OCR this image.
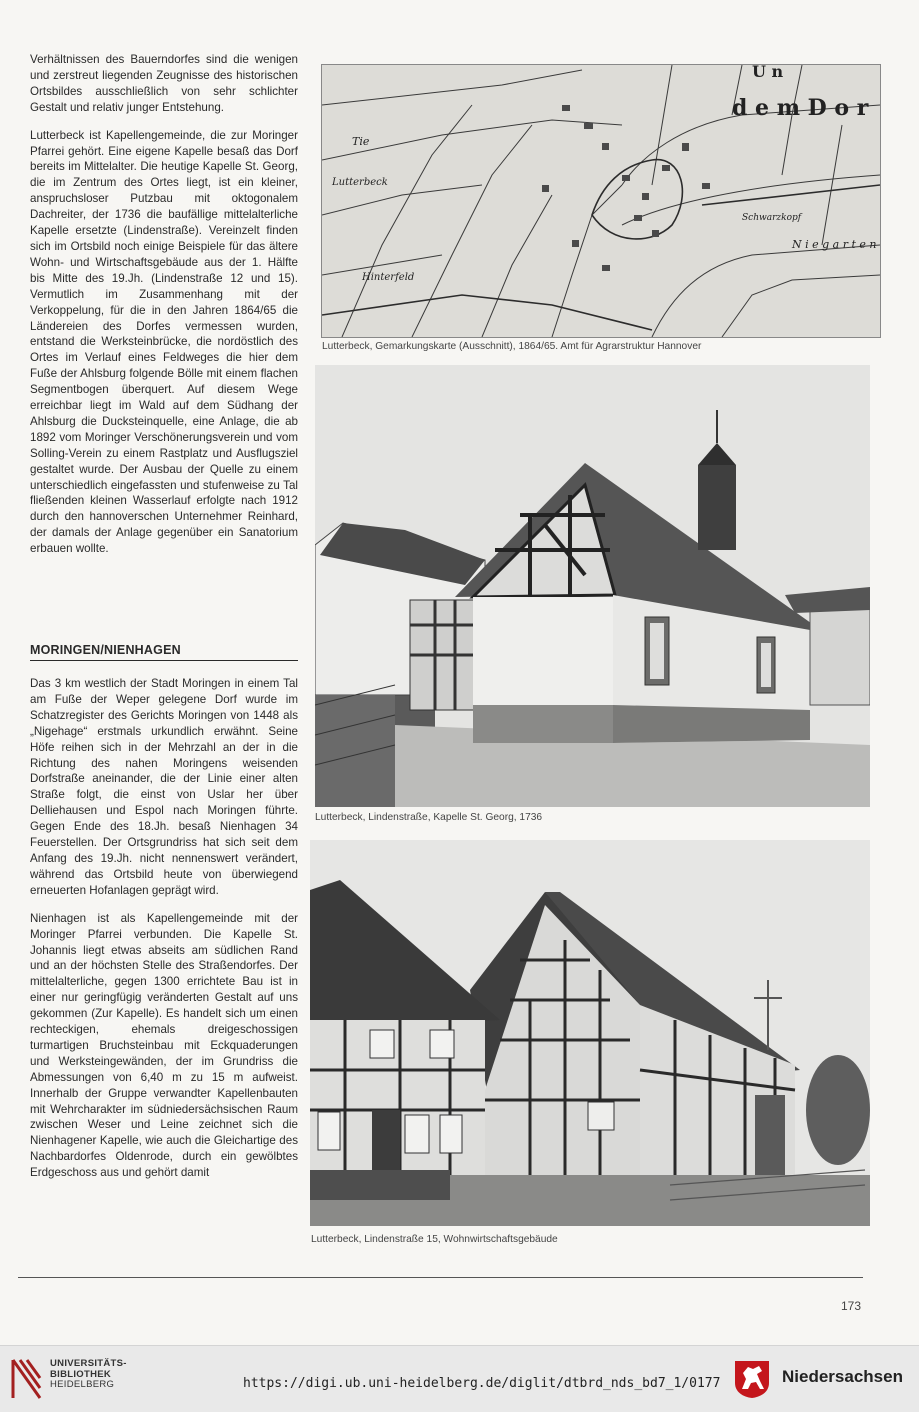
Verhältnissen des Bauerndorfes sind die wenigen und zerstreut liegenden Zeugnisse des historischen Ortsbildes ausschließlich von sehr schlichter Gestalt und relativ junger Entstehung.

Lutterbeck ist Kapellengemeinde, die zur Moringer Pfarrei gehört. Eine eigene Kapelle besaß das Dorf bereits im Mittelalter. Die heutige Kapelle St. Georg, die im Zentrum des Ortes liegt, ist ein kleiner, anspruchsloser Putzbau mit oktogonalem Dachreiter, der 1736 die baufällige mittelalterliche Kapelle ersetzte (Lindenstraße). Vereinzelt finden sich im Ortsbild noch einige Beispiele für das ältere Wohn- und Wirtschaftsgebäude aus der 1. Hälfte bis Mitte des 19.Jh. (Lindenstraße 12 und 15). Vermutlich im Zusammenhang mit der Verkoppelung, für die in den Jahren 1864/65 die Ländereien des Dorfes vermessen wurden, entstand die Werksteinbrücke, die nordöstlich des Ortes im Verlauf eines Feldweges die hier dem Fuße der Ahlsburg folgende Bölle mit einem flachen Segmentbogen überquert. Auf diesem Wege erreichbar liegt im Wald auf dem Südhang der Ahlsburg die Ducksteinquelle, eine Anlage, die ab 1892 vom Moringer Verschönerungsverein und vom Solling-Verein zu einem Rastplatz und Ausflugsziel gestaltet wurde. Der Ausbau der Quelle zu einem unterschiedlich eingefassten und stufenweise zu Tal fließenden kleinen Wasserlauf erfolgte nach 1912 durch den hannoverschen Unternehmer Reinhard, der damals der Anlage gegenüber ein Sanatorium erbauen wollte.

MORINGEN/NIENHAGEN

Das 3 km westlich der Stadt Moringen in einem Tal am Fuße der Weper gelegene Dorf wurde im Schatzregister des Gerichts Moringen von 1448 als „Nigehage“ erstmals urkundlich erwähnt. Seine Höfe reihen sich in der Mehrzahl an der in die Richtung des nahen Moringens weisenden Dorfstraße aneinander, die der Linie einer alten Straße folgt, die einst von Uslar her über Delliehausen und Espol nach Moringen führte. Gegen Ende des 18.Jh. besaß Nienhagen 34 Feuerstellen. Der Ortsgrundriss hat sich seit dem Anfang des 19.Jh. nicht nennenswert verändert, während das Ortsbild heute von überwiegend erneuerten Hofanlagen geprägt wird.

Nienhagen ist als Kapellengemeinde mit der Moringer Pfarrei verbunden. Die Kapelle St. Johannis liegt etwas abseits am südlichen Rand und an der höchsten Stelle des Straßendorfes. Der mittelalterliche, gegen 1300 errichtete Bau ist in einer nur geringfügig veränderten Gestalt auf uns gekommen (Zur Kapelle). Es handelt sich um einen rechteckigen, ehemals dreigeschossigen turmartigen Bruchsteinbau mit Eckquaderungen und Werksteingewänden, der im Grundriss die Abmessungen von 6,40 m zu 15 m aufweist. Innerhalb der Gruppe verwandter Kapellenbauten mit Wehrcharakter im südniedersächsischen Raum zwischen Weser und Leine zeichnet sich die Nienhagener Kapelle, wie auch die Gleichartige des Nachbardorfes Oldenrode, durch ein gewölbtes Erdgeschoss aus und gehört damit

U n
d e m D o r
Schwarzkopf
N i e g a r t e n
Lutterbeck
Tie
Hinterfeld
Lutterbeck, Gemarkungskarte (Ausschnitt), 1864/65. Amt für Agrarstruktur Hannover
Lutterbeck, Lindenstraße, Kapelle St. Georg, 1736
Lutterbeck, Lindenstraße 15, Wohnwirtschaftsgebäude
173
UNIVERSITÄTS-
BIBLIOTHEK
HEIDELBERG	https://digi.ub.uni-heidelberg.de/diglit/dtbrd_nds_bd7_1/0177	Niedersachsen
